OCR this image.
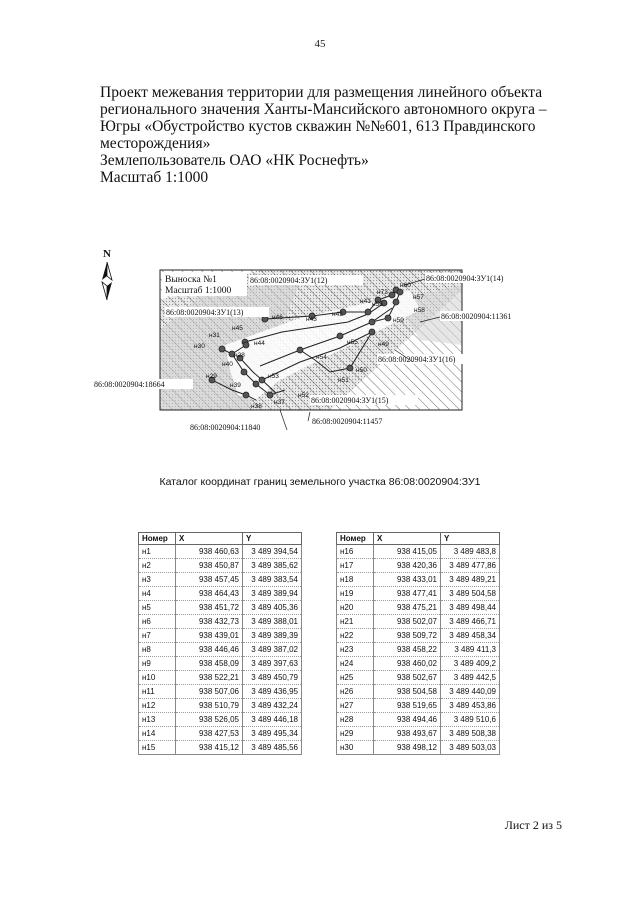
45
Проект межевания территории для размещения линейного объекта
регионального значения Ханты-Мансийского автономного округа –
Югры «Обустройство кустов скважин №№601, 613 Правдинского
месторождения»
Землепользователь ОАО «НК Роснефть»
Масштаб 1:1000
N
Выноска №1
Масштаб 1:1000
86:08:0020904:ЗУ1(12)	86:08:0020904:ЗУ1(14)
86:08:0020904:ЗУ1(13)	86:08:0020904:11361
86:08:0020904:ЗУ1(16)
86:08:0020904:18664
86:08:0020904:ЗУ1(15)
86:08:0020904:11840
86:08:0020904:11457
н60
н57
н73
н56
н41
н58
н59
н42
н43
н46
н45
н31
н44
н30
н28
н55	н49
н54
н40
н29
н50
н53
н51
н39
н52
н37
н38
Каталог координат границ земельного участка 86:08:0020904:ЗУ1
Номер	X	Y
н1	938 460,63	3 489 394,54
н2	938 450,87	3 489 385,62
н3	938 457,45	3 489 383,54
н4	938 464,43	3 489 389,94
н5	938 451,72	3 489 405,36
н6	938 432,73	3 489 388,01
н7	938 439,01	3 489 389,39
н8	938 446,46	3 489 387,02
н9	938 458,09	3 489 397,63
н10	938 522,21	3 489 450,79
н11	938 507,06	3 489 436,95
н12	938 510,79	3 489 432,24
н13	938 526,05	3 489 446,18
н14	938 427,53	3 489 495,34
н15	938 415,12	3 489 485,56
Номер	X	Y
н16	938 415,05	3 489 483,8
н17	938 420,36	3 489 477,86
н18	938 433,01	3 489 489,21
н19	938 477,41	3 489 504,58
н20	938 475,21	3 489 498,44
н21	938 502,07	3 489 466,71
н22	938 509,72	3 489 458,34
н23	938 458,22	3 489 411,3
н24	938 460,02	3 489 409,2
н25	938 502,67	3 489 442,5
н26	938 504,58	3 489 440,09
н27	938 519,65	3 489 453,86
н28	938 494,46	3 489 510,6
н29	938 493,67	3 489 508,38
н30	938 498,12	3 489 503,03
Лист 2 из 5
